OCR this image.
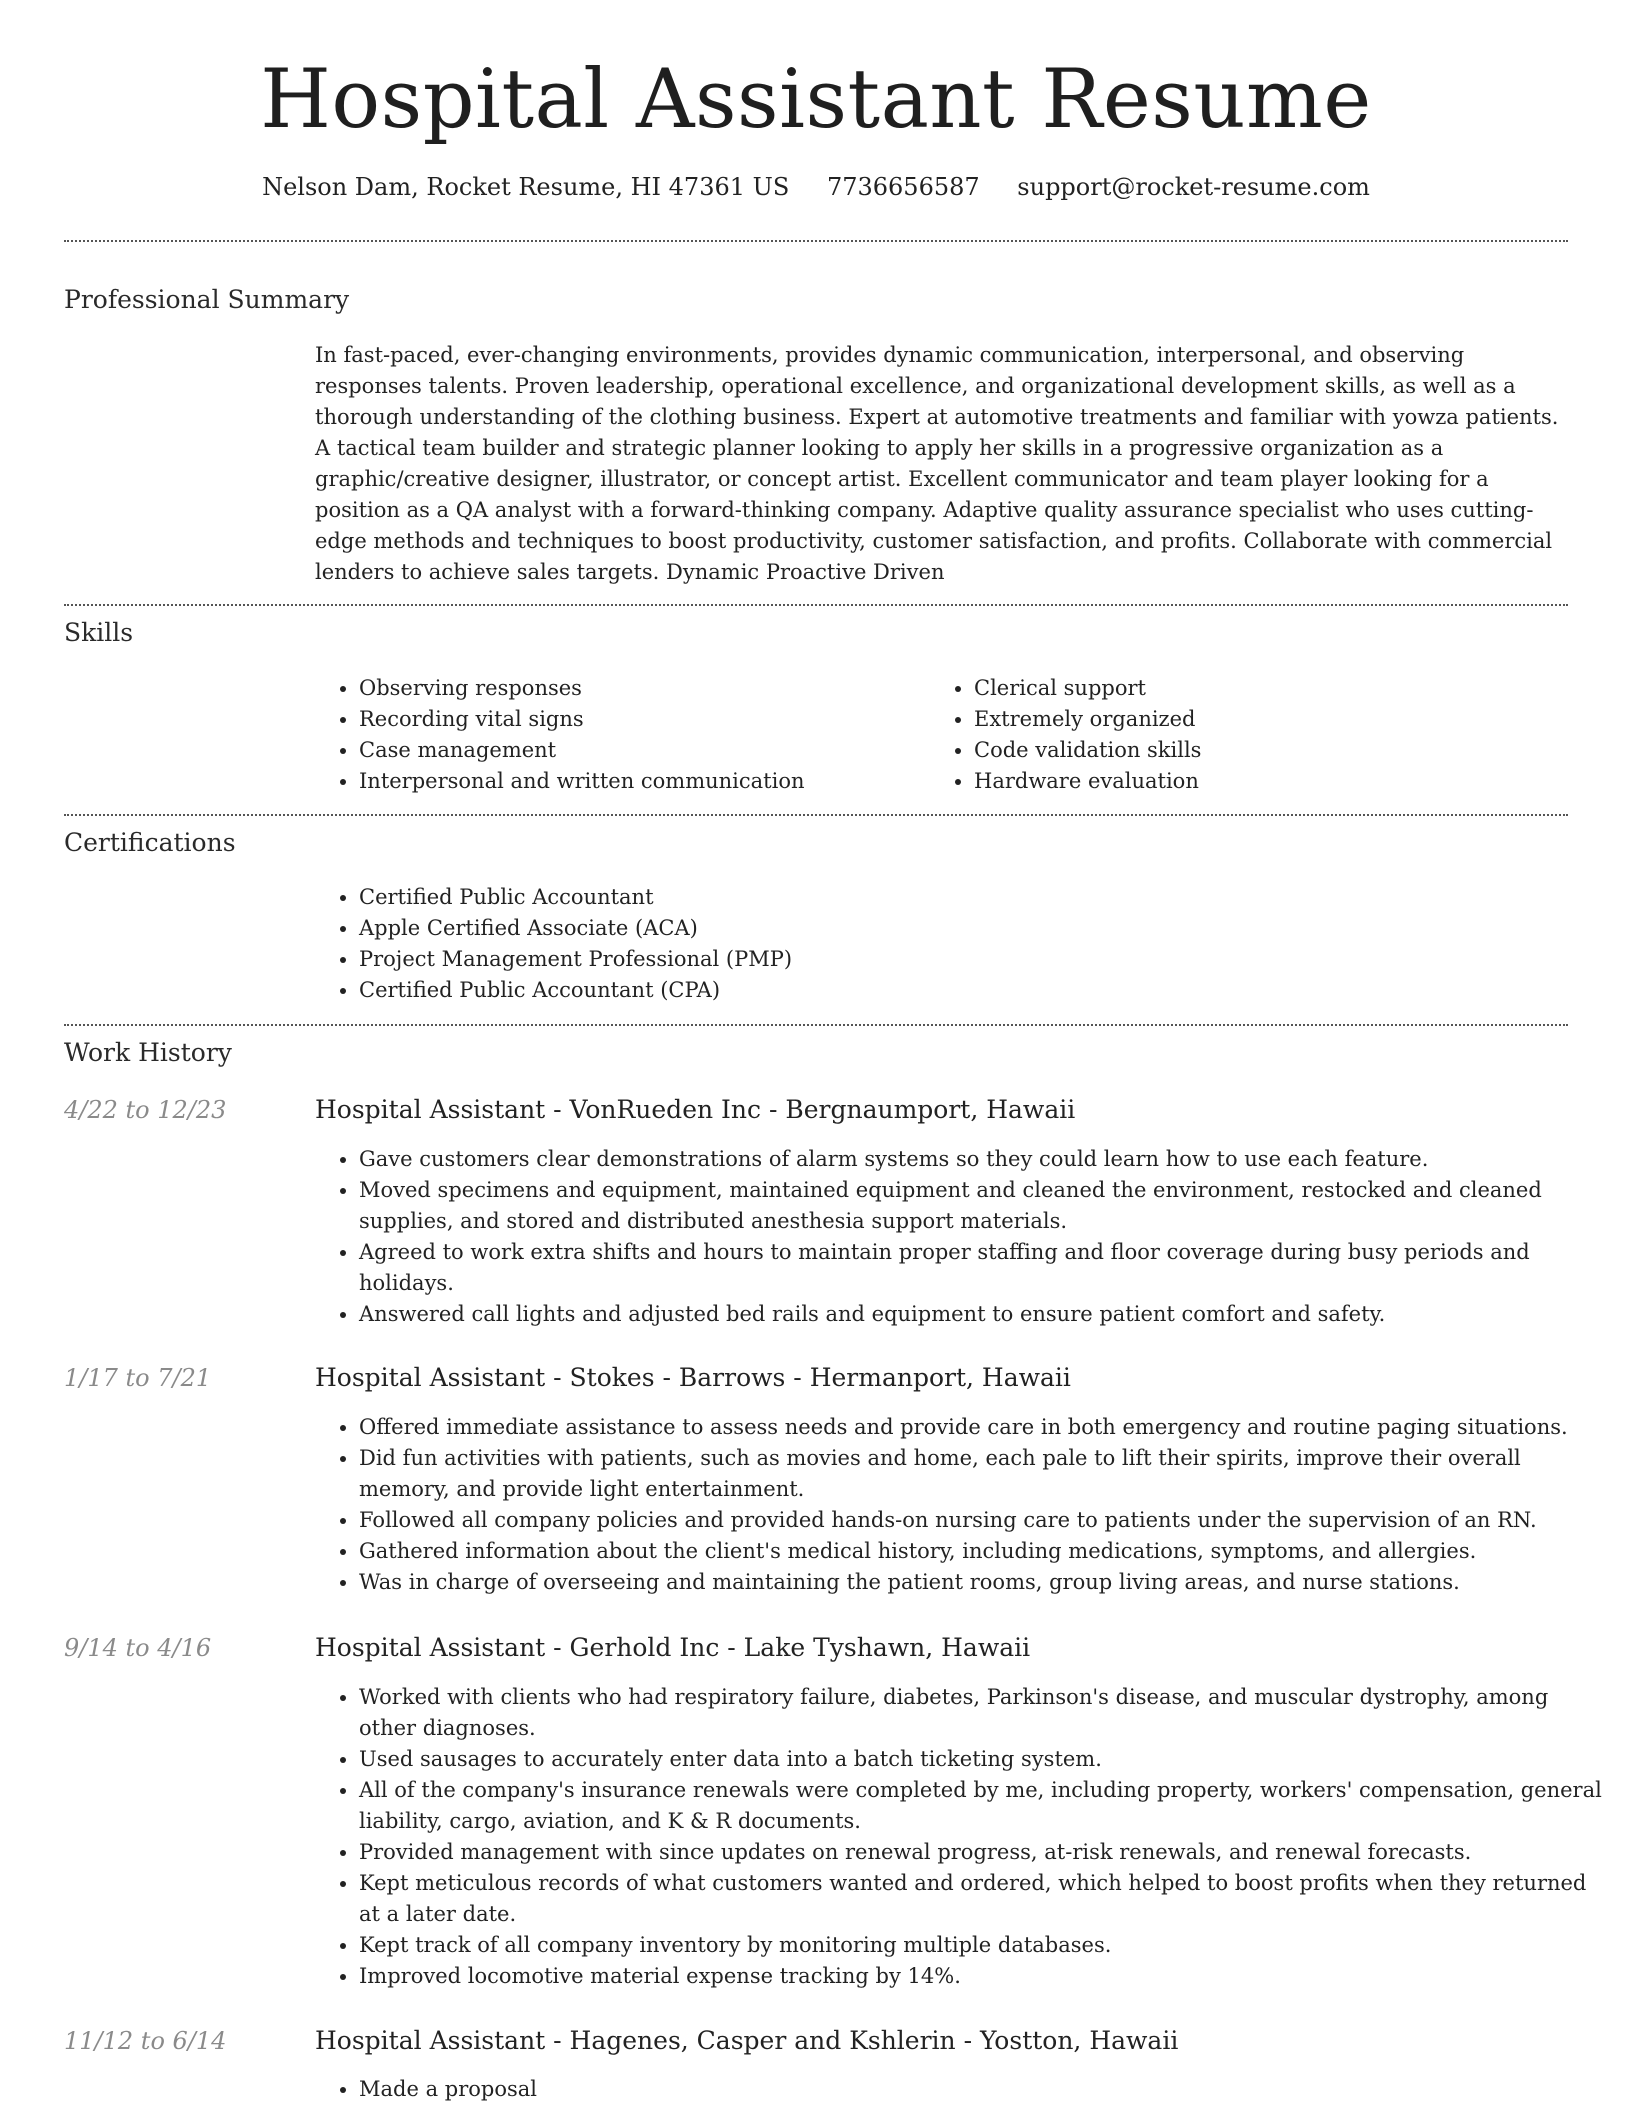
Hospital Assistant Resume
Nelson Dam, Rocket Resume, HI 47361 US 7736656587 support@rocket-resume.com
Professional Summary

In fast-paced, ever-changing environments, provides dynamic communication, interpersonal, and observing responses talents. Proven leadership, operational excellence, and organizational development skills, as well as a thorough understanding of the clothing business. Expert at automotive treatments and familiar with yowza patients. A tactical team builder and strategic planner looking to apply her skills in a progressive organization as a graphic/creative designer, illustrator, or concept artist. Excellent communicator and team player looking for a position as a QA analyst with a forward-thinking company. Adaptive quality assurance specialist who uses cutting-edge methods and techniques to boost productivity, customer satisfaction, and profits. Collaborate with commercial lenders to achieve sales targets. Dynamic Proactive Driven

Skills
• Observing responses
• Recording vital signs
• Case management
• Interpersonal and written communication
• Clerical support
• Extremely organized
• Code validation skills
• Hardware evaluation
Certifications
• Certified Public Accountant
• Apple Certified Associate (ACA)
• Project Management Professional (PMP)
• Certified Public Accountant (CPA)
Work History
4/22 to 12/23	Hospital Assistant - VonRueden Inc - Bergnaumport, Hawaii
• Gave customers clear demonstrations of alarm systems so they could learn how to use each feature.
• Moved specimens and equipment, maintained equipment and cleaned the environment, restocked and cleaned supplies, and stored and distributed anesthesia support materials.
• Agreed to work extra shifts and hours to maintain proper staffing and floor coverage during busy periods and holidays.
• Answered call lights and adjusted bed rails and equipment to ensure patient comfort and safety.
1/17 to 7/21	Hospital Assistant - Stokes - Barrows - Hermanport, Hawaii
• Offered immediate assistance to assess needs and provide care in both emergency and routine paging situations.
• Did fun activities with patients, such as movies and home, each pale to lift their spirits, improve their overall memory, and provide light entertainment.
• Followed all company policies and provided hands-on nursing care to patients under the supervision of an RN.
• Gathered information about the client's medical history, including medications, symptoms, and allergies.
• Was in charge of overseeing and maintaining the patient rooms, group living areas, and nurse stations.
9/14 to 4/16	Hospital Assistant - Gerhold Inc - Lake Tyshawn, Hawaii
• Worked with clients who had respiratory failure, diabetes, Parkinson's disease, and muscular dystrophy, among other diagnoses.
• Used sausages to accurately enter data into a batch ticketing system.
• All of the company's insurance renewals were completed by me, including property, workers' compensation, general liability, cargo, aviation, and K & R documents.
• Provided management with since updates on renewal progress, at-risk renewals, and renewal forecasts.
• Kept meticulous records of what customers wanted and ordered, which helped to boost profits when they returned at a later date.
• Kept track of all company inventory by monitoring multiple databases.
• Improved locomotive material expense tracking by 14%.
11/12 to 6/14	Hospital Assistant - Hagenes, Casper and Kshlerin - Yostton, Hawaii
• Made a proposal
